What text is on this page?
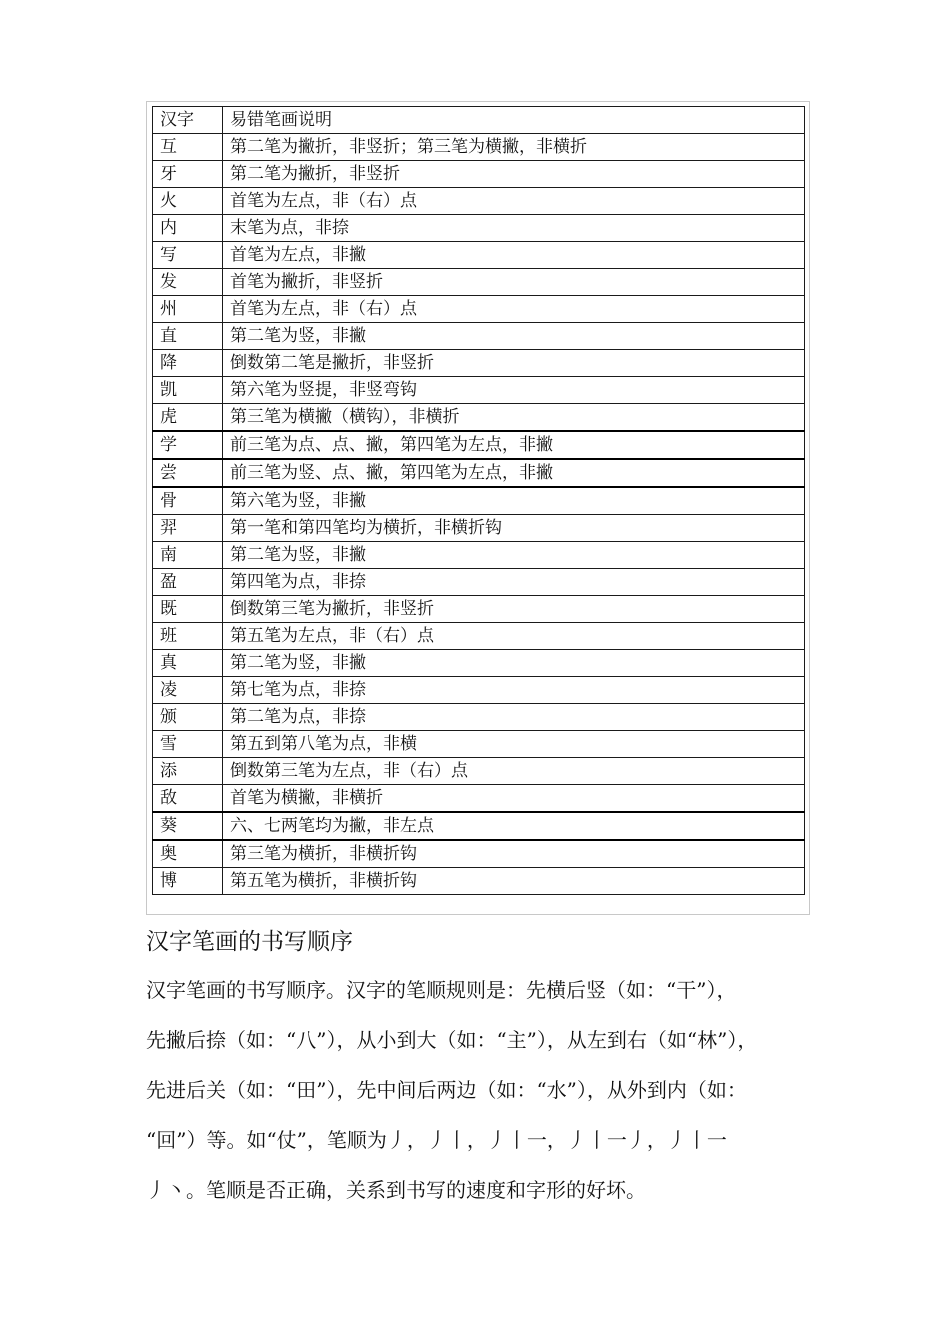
汉字	易错笔画说明
互	第二笔为撇折，非竖折；第三笔为横撇，非横折
牙	第二笔为撇折，非竖折
火	首笔为左点，非（右）点
内	末笔为点，非捺
写	首笔为左点，非撇
发	首笔为撇折，非竖折
州	首笔为左点，非（右）点
直	第二笔为竖，非撇
降	倒数第二笔是撇折，非竖折
凯	第六笔为竖提，非竖弯钩
虎	第三笔为横撇（横钩），非横折
学	前三笔为点、点、撇，第四笔为左点，非撇
尝	前三笔为竖、点、撇，第四笔为左点，非撇
骨	第六笔为竖，非撇
羿	第一笔和第四笔均为横折，非横折钩
南	第二笔为竖，非撇
盈	第四笔为点，非捺
既	倒数第三笔为撇折，非竖折
班	第五笔为左点，非（右）点
真	第二笔为竖，非撇
凌	第七笔为点，非捺
颁	第二笔为点，非捺
雪	第五到第八笔为点，非横
添	倒数第三笔为左点，非（右）点
敌	首笔为横撇，非横折
葵	六、七两笔均为撇，非左点
奥	第三笔为横折，非横折钩
博	第五笔为横折，非横折钩
汉字笔画的书写顺序

汉字笔画的书写顺序。汉字的笔顺规则是：先横后竖（如：“干”），
先撇后捺（如：“八”），从小到大（如：“主”），从左到右（如“林”），
先进后关（如：“田”），先中间后两边（如：“水”），从外到内（如：
“回”）等。如“仗”，笔顺为丿，丿丨，丿丨一，丿丨一丿，丿丨一
丿丶。笔顺是否正确，关系到书写的速度和字形的好坏。
